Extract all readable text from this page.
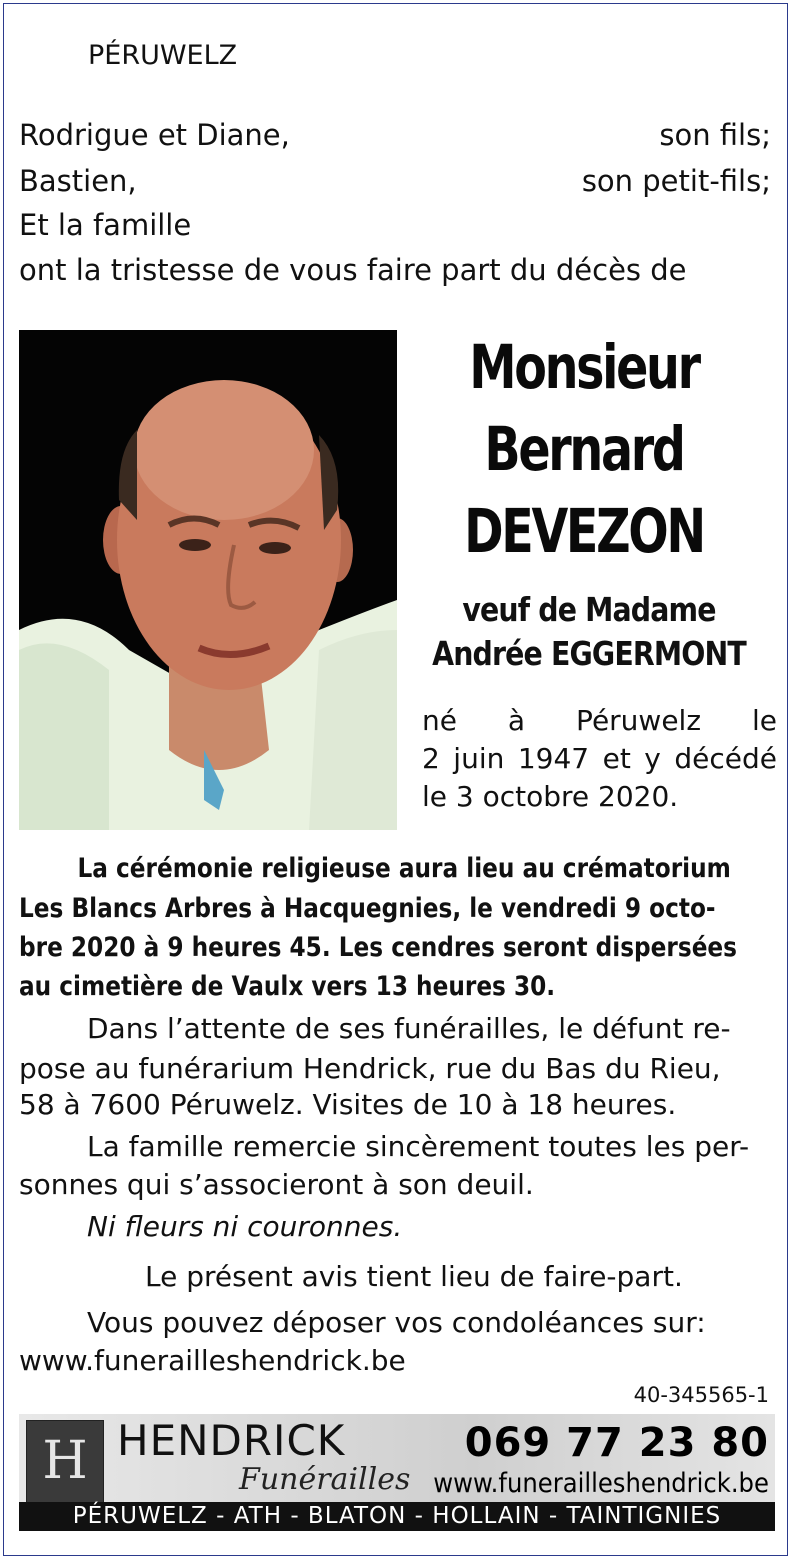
PÉRUWELZ
Rodrigue et Diane,	son fils;
Bastien,	son petit-fils;
Et la famille
ont la tristesse de vous faire part du décès de
Monsieur
Bernard
DEVEZON
veuf de Madame
Andrée EGGERMONT
né à Péruwelz le
2 juin 1947 et y décédé
le 3 octobre 2020.
La cérémonie religieuse aura lieu au crématorium
Les Blancs Arbres à Hacquegnies, le vendredi 9 octo-
bre 2020 à 9 heures 45. Les cendres seront dispersées
au cimetière de Vaulx vers 13 heures 30.
Dans l’attente de ses funérailles, le défunt re-
pose au funérarium Hendrick, rue du Bas du Rieu,
58 à 7600 Péruwelz. Visites de 10 à 18 heures.
La famille remercie sincèrement toutes les per-
sonnes qui s’associeront à son deuil.
Ni fleurs ni couronnes.
Le présent avis tient lieu de faire-part.
Vous pouvez déposer vos condoléances sur:
www.funerailleshendrick.be
40-345565-1
H HENDRICK
Funérailles
069 77 23 80
www.funerailleshendrick.be
PÉRUWELZ - ATH - BLATON - HOLLAIN - TAINTIGNIES
